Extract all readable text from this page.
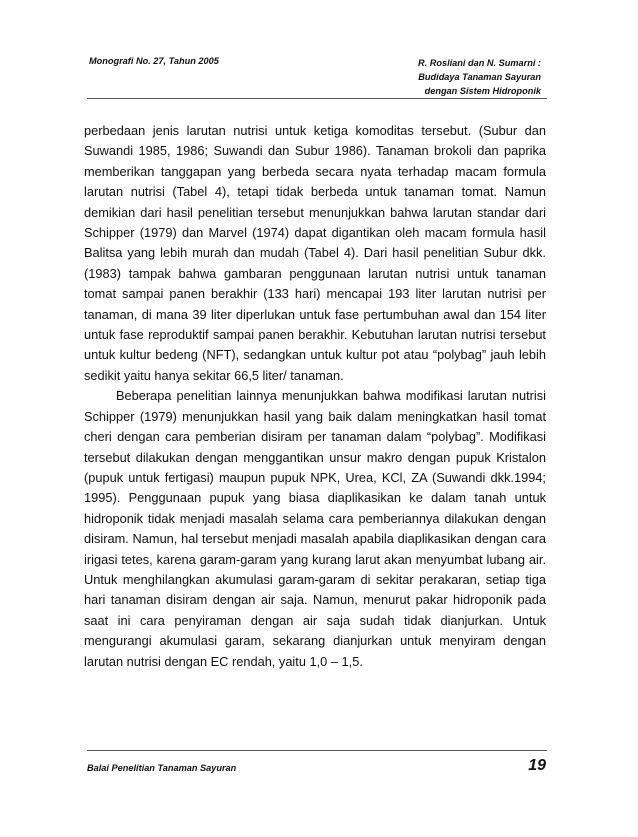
Monografi No. 27, Tahun 2005	R. Rosliani dan N. Sumarni :
Budidaya Tanaman Sayuran
dengan Sistem Hidroponik

perbedaan jenis larutan nutrisi untuk ketiga komoditas tersebut. (Subur dan Suwandi 1985, 1986; Suwandi dan Subur 1986). Tanaman brokoli dan paprika memberikan tanggapan yang berbeda secara nyata terhadap macam formula larutan nutrisi (Tabel 4), tetapi tidak berbeda untuk tanaman tomat. Namun demikian dari hasil penelitian tersebut menunjukkan bahwa larutan standar dari Schipper (1979) dan Marvel (1974) dapat digantikan oleh macam formula hasil Balitsa yang lebih murah dan mudah (Tabel 4). Dari hasil penelitian Subur dkk. (1983) tampak bahwa gambaran penggunaan larutan nutrisi untuk tanaman tomat sampai panen berakhir (133 hari) mencapai 193 liter larutan nutrisi per tanaman, di mana 39 liter diperlukan untuk fase pertumbuhan awal dan 154 liter untuk fase reproduktif sampai panen berakhir. Kebutuhan larutan nutrisi tersebut untuk kultur bedeng (NFT), sedangkan untuk kultur pot atau “polybag” jauh lebih sedikit yaitu hanya sekitar 66,5 liter/ tanaman.

Beberapa penelitian lainnya menunjukkan bahwa modifikasi larutan nutrisi Schipper (1979) menunjukkan hasil yang baik dalam meningkatkan hasil tomat cheri dengan cara pemberian disiram per tanaman dalam “polybag”. Modifikasi tersebut dilakukan dengan menggantikan unsur makro dengan pupuk Kristalon (pupuk untuk fertigasi) maupun pupuk NPK, Urea, KCl, ZA (Suwandi dkk.1994; 1995). Penggunaan pupuk yang biasa diaplikasikan ke dalam tanah untuk hidroponik tidak menjadi masalah selama cara pemberiannya dilakukan dengan disiram. Namun, hal tersebut menjadi masalah apabila diaplikasikan dengan cara irigasi tetes, karena garam-garam yang kurang larut akan menyumbat lubang air. Untuk menghilangkan akumulasi garam-garam di sekitar perakaran, setiap tiga hari tanaman disiram dengan air saja. Namun, menurut pakar hidroponik pada saat ini cara penyiraman dengan air saja sudah tidak dianjurkan. Untuk mengurangi akumulasi garam, sekarang dianjurkan untuk menyiram dengan larutan nutrisi dengan EC rendah, yaitu 1,0 – 1,5.

Balai Penelitian Tanaman Sayuran	19
